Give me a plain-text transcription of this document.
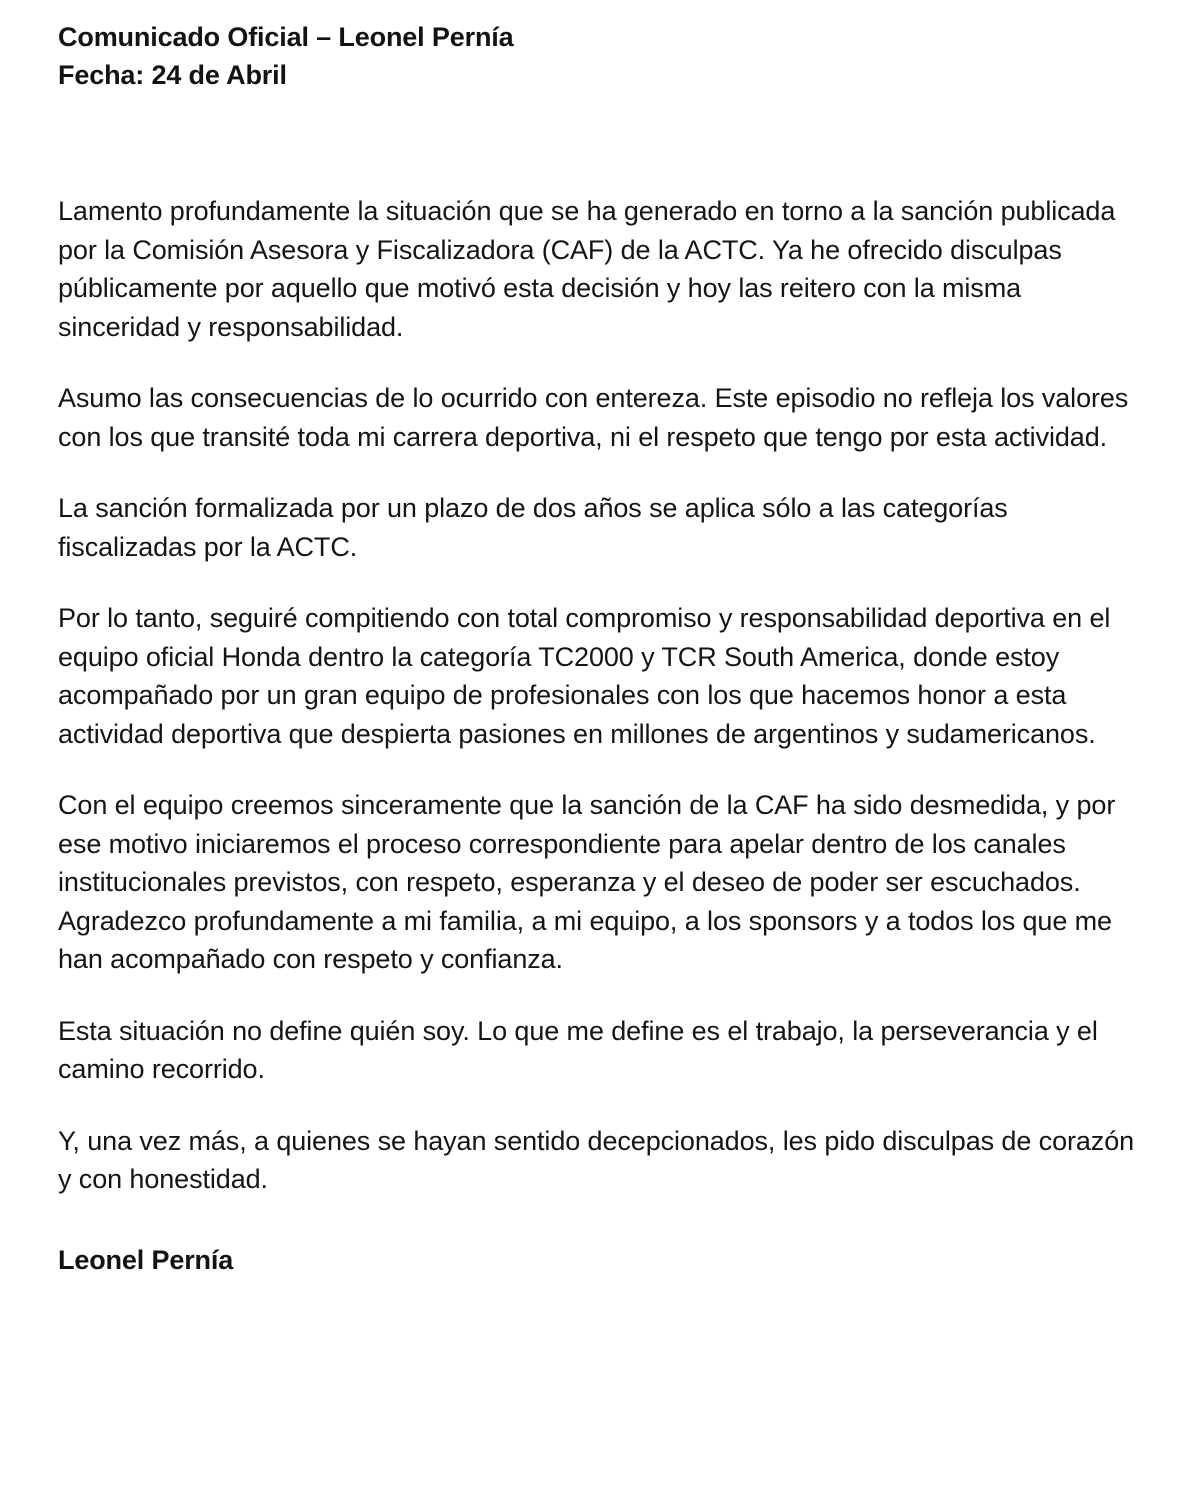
Comunicado Oficial – Leonel Pernía
Fecha: 24 de Abril

Lamento profundamente la situación que se ha generado en torno a la sanción publicada por la Comisión Asesora y Fiscalizadora (CAF) de la ACTC. Ya he ofrecido disculpas públicamente por aquello que motivó esta decisión y hoy las reitero con la misma sinceridad y responsabilidad.

Asumo las consecuencias de lo ocurrido con entereza. Este episodio no refleja los valores con los que transité toda mi carrera deportiva, ni el respeto que tengo por esta actividad.

La sanción formalizada por un plazo de dos años se aplica sólo a las categorías fiscalizadas por la ACTC.

Por lo tanto, seguiré compitiendo con total compromiso y responsabilidad deportiva en el equipo oficial Honda dentro la categoría TC2000 y TCR South America, donde estoy acompañado por un gran equipo de profesionales con los que hacemos honor a esta actividad deportiva que despierta pasiones en millones de argentinos y sudamericanos.

Con el equipo creemos sinceramente que la sanción de la CAF ha sido desmedida, y por ese motivo iniciaremos el proceso correspondiente para apelar dentro de los canales institucionales previstos, con respeto, esperanza y el deseo de poder ser escuchados.
Agradezco profundamente a mi familia, a mi equipo, a los sponsors y a todos los que me han acompañado con respeto y confianza.

Esta situación no define quién soy. Lo que me define es el trabajo, la perseverancia y el camino recorrido.

Y, una vez más, a quienes se hayan sentido decepcionados, les pido disculpas de corazón y con honestidad.

Leonel Pernía
